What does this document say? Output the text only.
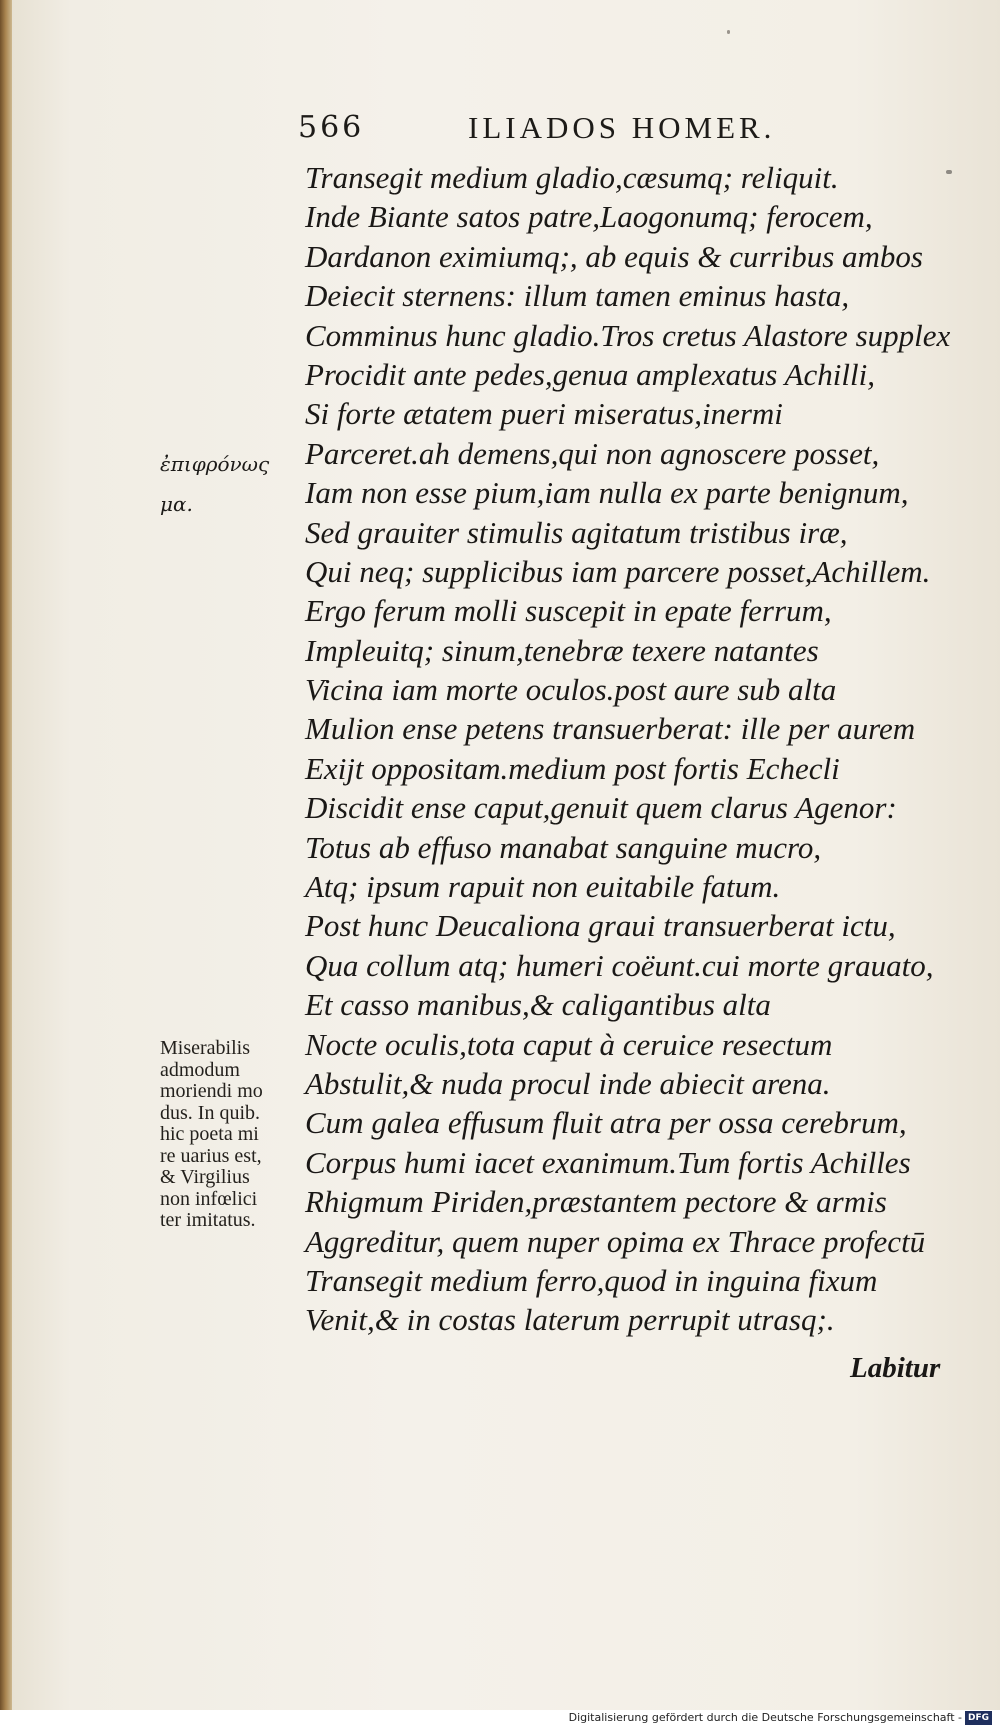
566	ILIADOS HOMER.
Transegit medium gladio,cæsumq; reliquit.
Inde Biante satos patre,Laogonumq; ferocem,
Dardanon eximiumq;, ab equis & curribus ambos
Deiecit sternens: illum tamen eminus hasta,
Comminus hunc gladio.Tros cretus Alastore supplex
Procidit ante pedes,genua amplexatus Achilli,
Si forte ætatem pueri miseratus,inermi
Parceret.ah demens,qui non agnoscere posset,
Iam non esse pium,iam nulla ex parte benignum,
Sed grauiter stimulis agitatum tristibus iræ,
Qui neq; supplicibus iam parcere posset,Achillem.
Ergo ferum molli suscepit in epate ferrum,
Impleuitq; sinum,tenebræ texere natantes
Vicina iam morte oculos.post aure sub alta
Mulion ense petens transuerberat: ille per aurem
Exijt oppositam.medium post fortis Echecli
Discidit ense caput,genuit quem clarus Agenor:
Totus ab effuso manabat sanguine mucro,
Atq; ipsum rapuit non euitabile fatum.
Post hunc Deucaliona graui transuerberat ictu,
Qua collum atq; humeri coëunt.cui morte grauato,
Et casso manibus,& caligantibus alta
Nocte oculis,tota caput à ceruice resectum
Abstulit,& nuda procul inde abiecit arena.
Cum galea effusum fluit atra per ossa cerebrum,
Corpus humi iacet exanimum.Tum fortis Achilles
Rhigmum Piriden,præstantem pectore & armis
Aggreditur, quem nuper opima ex Thrace profectū
Transegit medium ferro,quod in inguina fixum
Venit,& in costas laterum perrupit utrasq;.
Labitur
ἐπιφρόνως
μα.
Miserabilis
admodum
moriendi mo
dus. In quib.
hic poeta mi
re uarius est,
& Virgilius
non infœlici
ter imitatus.
Digitalisierung gefördert durch die Deutsche Forschungsgemeinschaft - DFG
